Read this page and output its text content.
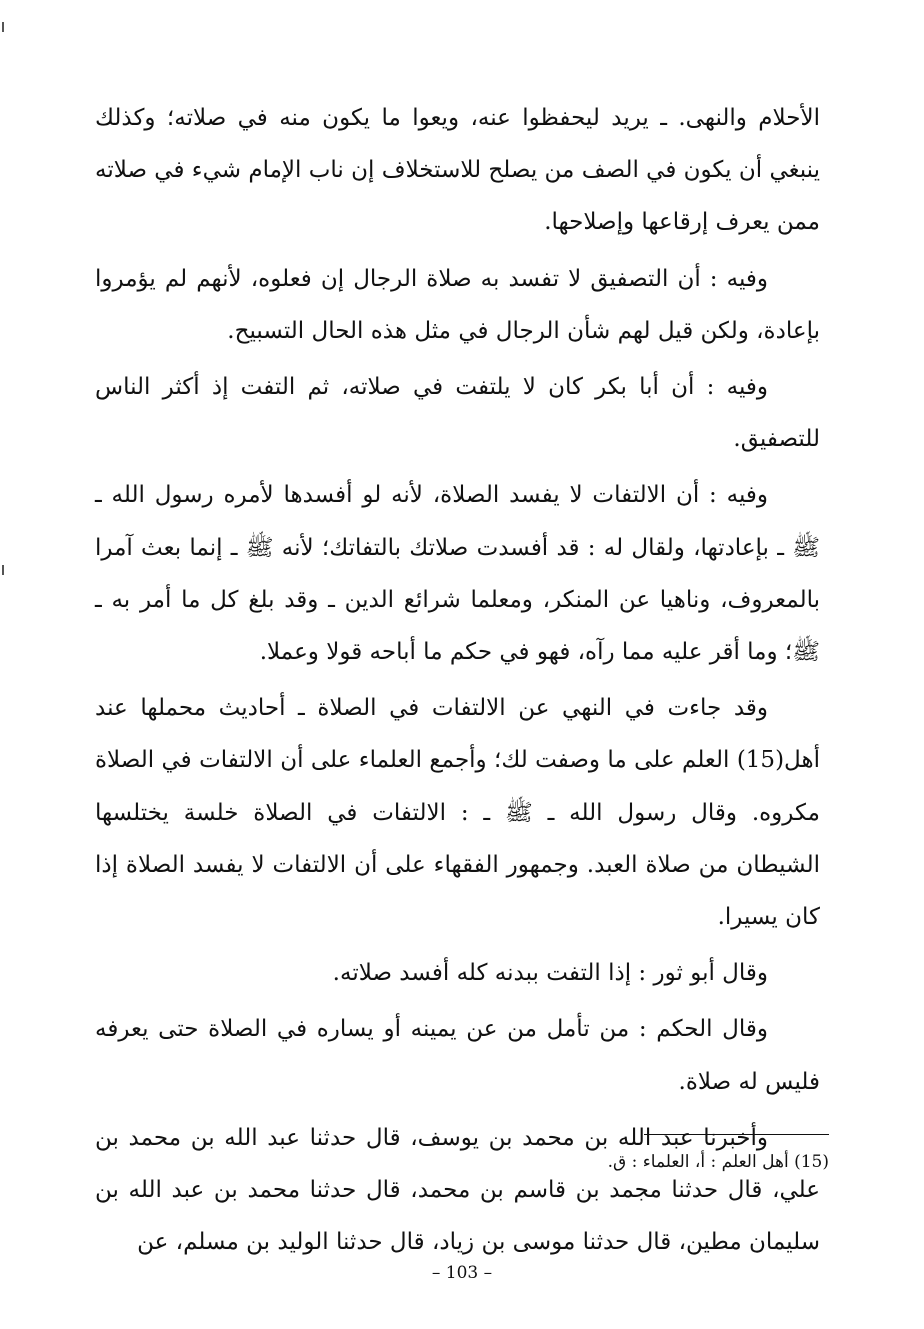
الأحلام والنهى. ـ يريد ليحفظوا عنه، ويعوا ما يكون منه في صلاته؛ وكذلك ينبغي أن يكون في الصف من يصلح للاستخلاف إن ناب الإمام شيء في صلاته ممن يعرف إرقاعها وإصلاحها.

وفيه : أن التصفيق لا تفسد به صلاة الرجال إن فعلوه، لأنهم لم يؤمروا بإعادة، ولكن قيل لهم شأن الرجال في مثل هذه الحال التسبيح.

وفيه : أن أبا بكر كان لا يلتفت في صلاته، ثم التفت إذ أكثر الناس للتصفيق.

وفيه : أن الالتفات لا يفسد الصلاة، لأنه لو أفسدها لأمره رسول الله ـ ﷺ ـ بإعادتها، ولقال له : قد أفسدت صلاتك بالتفاتك؛ لأنه ﷺ ـ إنما بعث آمرا بالمعروف، وناهيا عن المنكر، ومعلما شرائع الدين ـ وقد بلغ كل ما أمر به ـ ﷺ؛ وما أقر عليه مما رآه، فهو في حكم ما أباحه قولا وعملا.

وقد جاءت في النهي عن الالتفات في الصلاة ـ أحاديث محملها عند أهل(15) العلم على ما وصفت لك؛ وأجمع العلماء على أن الالتفات في الصلاة مكروه. وقال رسول الله ـ ﷺ ـ : الالتفات في الصلاة خلسة يختلسها الشيطان من صلاة العبد. وجمهور الفقهاء على أن الالتفات لا يفسد الصلاة إذا كان يسيرا.

وقال أبو ثور : إذا التفت ببدنه كله أفسد صلاته.

وقال الحكم : من تأمل من عن يمينه أو يساره في الصلاة حتى يعرفه فليس له صلاة.

وأخبرنا عبد الله بن محمد بن يوسف، قال حدثنا عبد الله بن محمد بن علي، قال حدثنا مجمد بن قاسم بن محمد، قال حدثنا محمد بن عبد الله بن سليمان مطين، قال حدثنا موسى بن زياد، قال حدثنا الوليد بن مسلم، عن

(15) أهل العلم : أ، العلماء : ق.
– 103 –
